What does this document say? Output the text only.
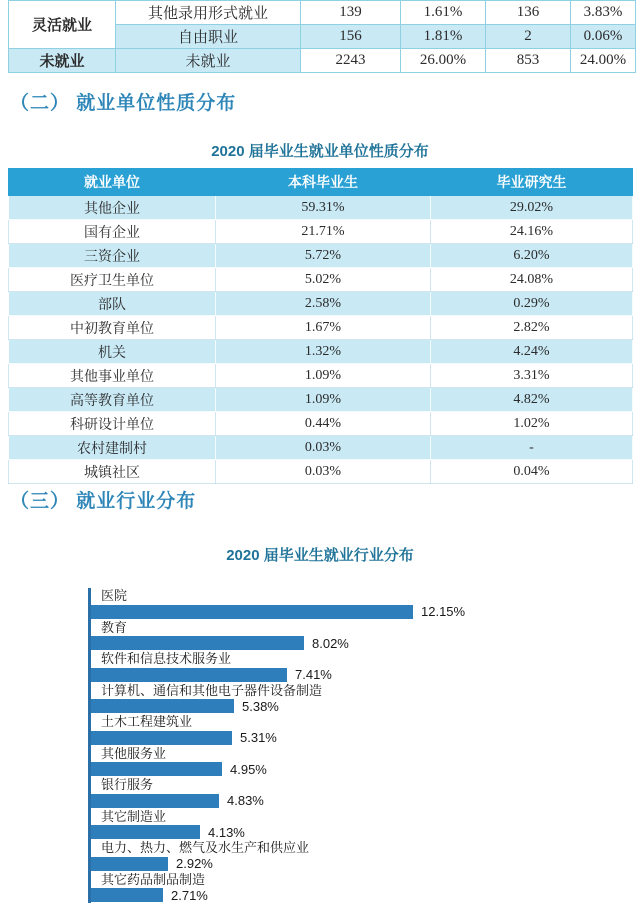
灵活就业	其他录用形式就业	139	1.61%	136	3.83%
	自由职业	156	1.81%	2	0.06%
未就业	未就业	2243	26.00%	853	24.00%
（二） 就业单位性质分布
2020 届毕业生就业单位性质分布
就业单位	本科毕业生	毕业研究生
其他企业	59.31%	29.02%
国有企业	21.71%	24.16%
三资企业	5.72%	6.20%
医疗卫生单位	5.02%	24.08%
部队	2.58%	0.29%
中初教育单位	1.67%	2.82%
机关	1.32%	4.24%
其他事业单位	1.09%	3.31%
高等教育单位	1.09%	4.82%
科研设计单位	0.44%	1.02%
农村建制村	0.03%	-
城镇社区	0.03%	0.04%
（三） 就业行业分布
2020 届毕业生就业行业分布
医院
12.15%
教育
8.02%
软件和信息技术服务业
7.41%
计算机、通信和其他电子器件设备制造
5.38%
土木工程建筑业
5.31%
其他服务业
4.95%
银行服务
4.83%
其它制造业
4.13%
电力、热力、燃气及水生产和供应业
2.92%
其它药品制品制造
2.71%
